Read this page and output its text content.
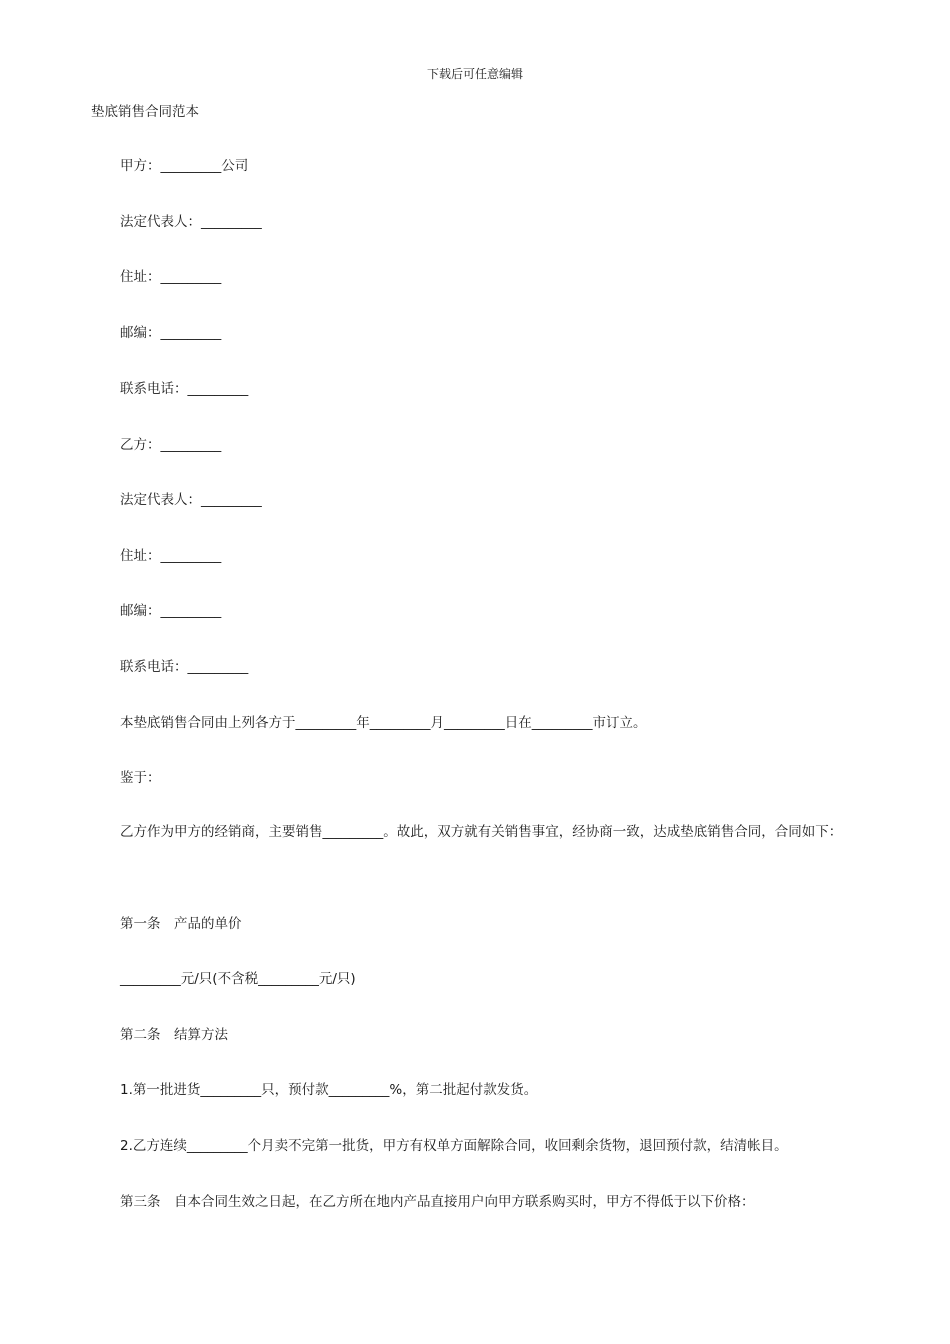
下载后可任意编辑
垫底销售合同范本
甲方：_________公司
法定代表人：_________
住址：_________
邮编：_________
联系电话：_________
乙方：_________
法定代表人：_________
住址：_________
邮编：_________
联系电话：_________
本垫底销售合同由上列各方于_________年_________月_________日在_________市订立。
鉴于：
乙方作为甲方的经销商，主要销售_________。故此，双方就有关销售事宜，经协商一致，达成垫底销售合同，合同如下：
第一条　产品的单价
_________元/只(不含税_________元/只)
第二条　结算方法
1.第一批进货_________只，预付款_________%，第二批起付款发货。
2.乙方连续_________个月卖不完第一批货，甲方有权单方面解除合同，收回剩余货物，退回预付款，结清帐目。
第三条　自本合同生效之日起，在乙方所在地内产品直接用户向甲方联系购买时，甲方不得低于以下价格：
